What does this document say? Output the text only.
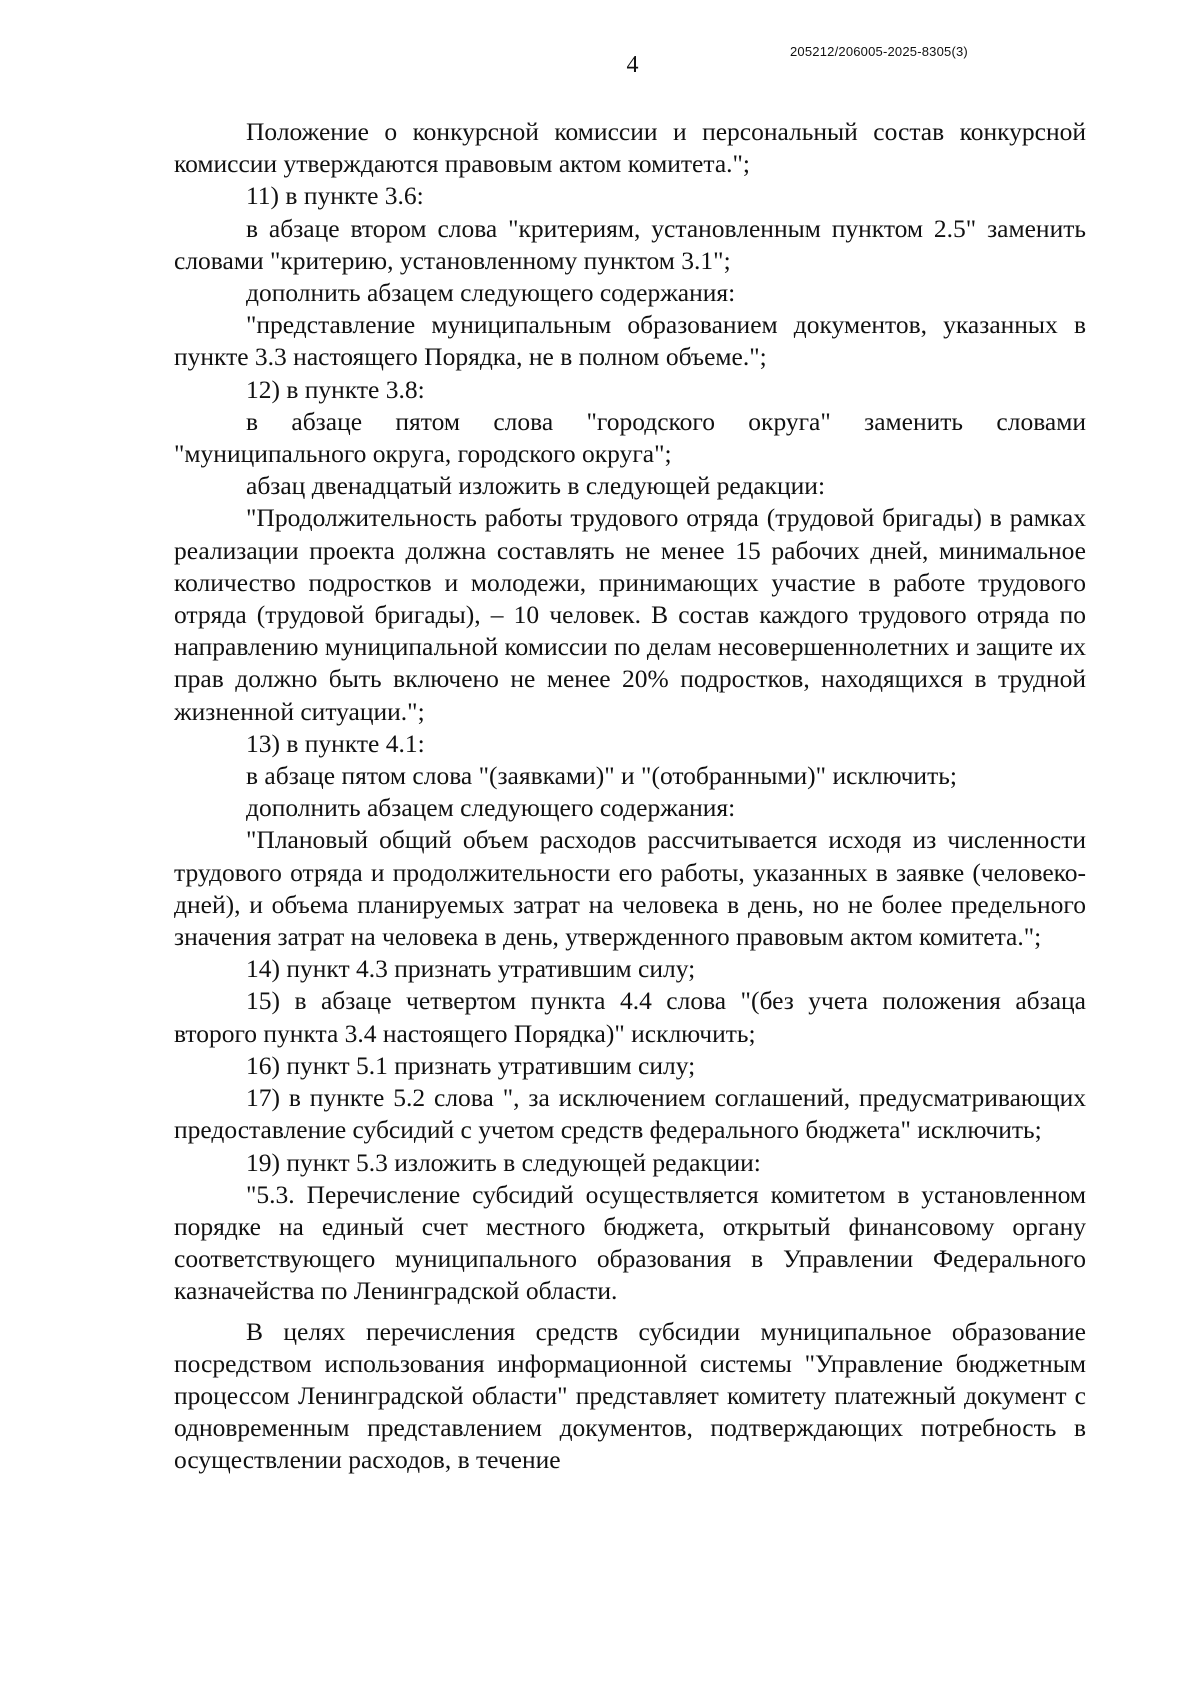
4
205212/206005-2025-8305(3)

Положение о конкурсной комиссии и персональный состав конкурсной комиссии утверждаются правовым актом комитета.";

11) в пункте 3.6:

в абзаце втором слова "критериям, установленным пунктом 2.5" заменить словами "критерию, установленному пунктом 3.1";

дополнить абзацем следующего содержания:

"представление муниципальным образованием документов, указанных в пункте 3.3 настоящего Порядка, не в полном объеме.";

12) в пункте 3.8:

в абзаце пятом слова "городского округа" заменить словами "муниципального округа, городского округа";

абзац двенадцатый изложить в следующей редакции:

"Продолжительность работы трудового отряда (трудовой бригады) в рамках реализации проекта должна составлять не менее 15 рабочих дней, минимальное количество подростков и молодежи, принимающих участие в работе трудового отряда (трудовой бригады), – 10 человек. В состав каждого трудового отряда по направлению муниципальной комиссии по делам несовершеннолетних и защите их прав должно быть включено не менее 20% подростков, находящихся в трудной жизненной ситуации.";

13) в пункте 4.1:

в абзаце пятом слова "(заявками)" и "(отобранными)" исключить;

дополнить абзацем следующего содержания:

"Плановый общий объем расходов рассчитывается исходя из численности трудового отряда и продолжительности его работы, указанных в заявке (человеко-дней), и объема планируемых затрат на человека в день, но не более предельного значения затрат на человека в день, утвержденного правовым актом комитета.";

14) пункт 4.3 признать утратившим силу;

15) в абзаце четвертом пункта 4.4 слова "(без учета положения абзаца второго пункта 3.4 настоящего Порядка)" исключить;

16) пункт 5.1 признать утратившим силу;

17) в пункте 5.2 слова ", за исключением соглашений, предусматривающих предоставление субсидий с учетом средств федерального бюджета" исключить;

19) пункт 5.3 изложить в следующей редакции:

"5.3. Перечисление субсидий осуществляется комитетом в установленном порядке на единый счет местного бюджета, открытый финансовому органу соответствующего муниципального образования в Управлении Федерального казначейства по Ленинградской области.

В целях перечисления средств субсидии муниципальное образование посредством использования информационной системы "Управление бюджетным процессом Ленинградской области" представляет комитету платежный документ с одновременным представлением документов, подтверждающих потребность в осуществлении расходов, в течение
